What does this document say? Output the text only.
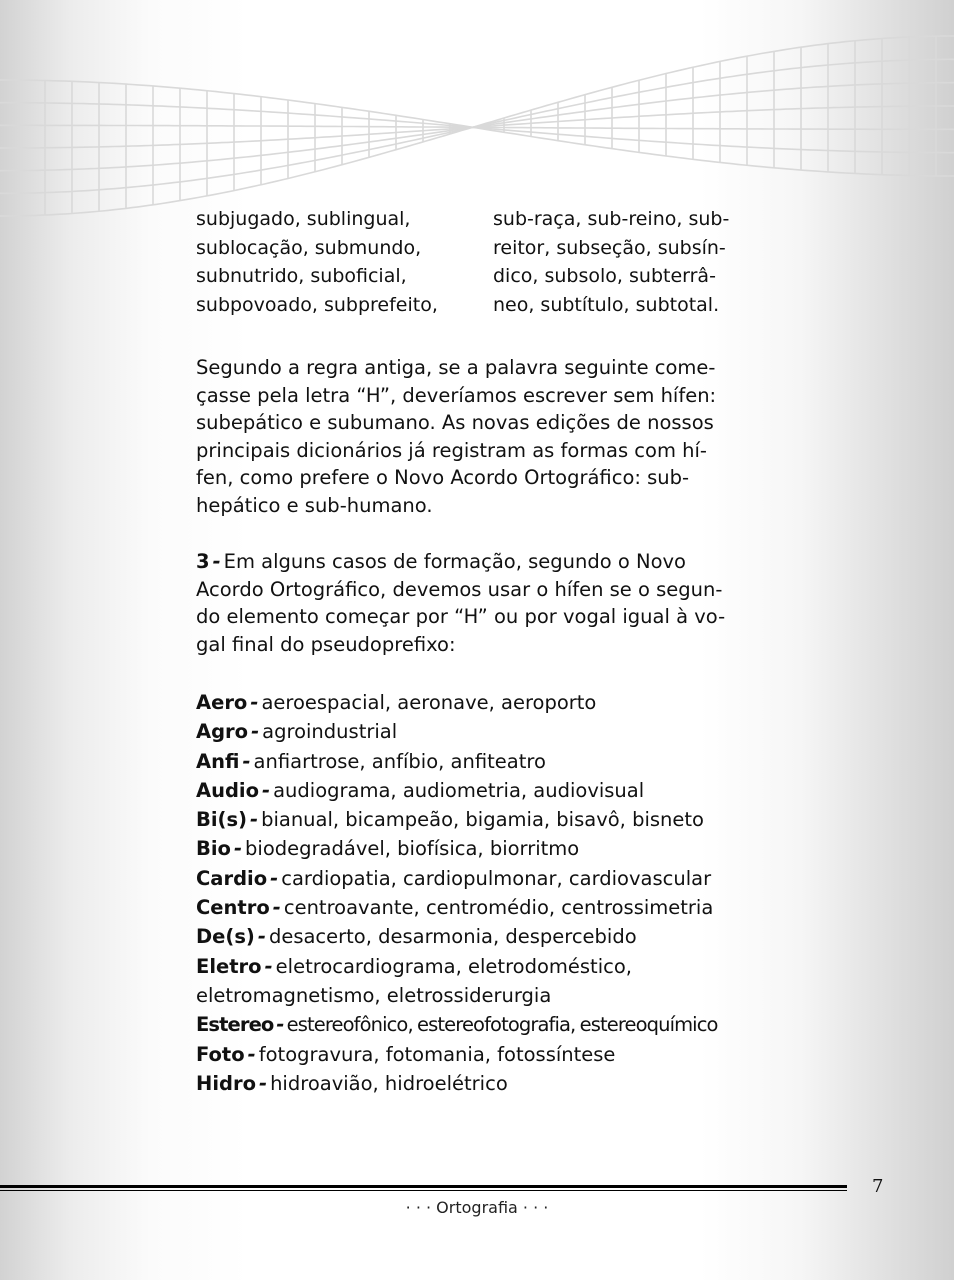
subjugado, sublingual,
sublocação, submundo,
subnutrido, suboficial,
subpovoado, subprefeito,
sub-raça, sub-reino, sub-
reitor, subseção, subsín-
dico, subsolo, subterrâ-
neo, subtítulo, subtotal.
Segundo a regra antiga, se a palavra seguinte come-
çasse pela letra “H”, deveríamos escrever sem hífen:
subepático e subumano. As novas edições de nossos
principais dicionários já registram as formas com hí-
fen, como prefere o Novo Acordo Ortográfico: sub-
hepático e sub-humano.
3 - Em alguns casos de formação, segundo o Novo
Acordo Ortográfico, devemos usar o hífen se o segun-
do elemento começar por “H” ou por vogal igual à vo-
gal final do pseudoprefixo:
Aero - aeroespacial, aeronave, aeroporto
Agro - agroindustrial
Anfi - anfiartrose, anfíbio, anfiteatro
Audio - audiograma, audiometria, audiovisual
Bi(s) - bianual, bicampeão, bigamia, bisavô, bisneto
Bio - biodegradável, biofísica, biorritmo
Cardio - cardiopatia, cardiopulmonar, cardiovascular
Centro - centroavante, centromédio, centrossimetria
De(s) - desacerto, desarmonia, despercebido
Eletro - eletrocardiograma, eletrodoméstico, eletromagnetismo, eletrossiderurgia
Estereo - estereofônico, estereofotografia, estereoquímico
Foto - fotogravura, fotomania, fotossíntese
Hidro - hidroavião, hidroelétrico
7
· · · Ortografia · · ·
